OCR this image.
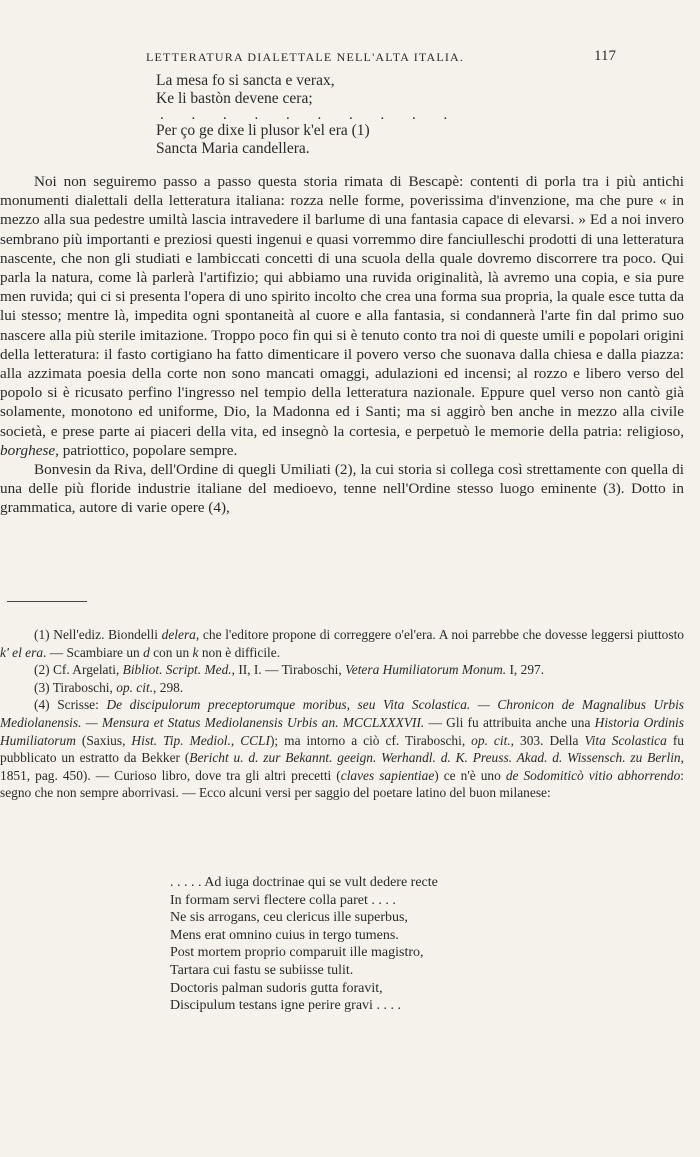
LETTERATURA DIALETTALE NELL'ALTA ITALIA.	117
La mesa fo si sancta e verax,
Ke li bastòn devene cera;
. . . . . . . . . .
Per ço ge dixe li plusor k'el era (1)
Sancta Maria candellera.

Noi non seguiremo passo a passo questa storia rimata di Bescapè: contenti di porla tra i più antichi monumenti dialettali della letteratura italiana: rozza nelle forme, poverissima d'invenzione, ma che pure « in mezzo alla sua pedestre umiltà lascia intravedere il barlume di una fantasia capace di elevarsi. » Ed a noi invero sembrano più importanti e preziosi questi ingenui e quasi vorremmo dire fanciulleschi prodotti di una letteratura nascente, che non gli studiati e lambiccati concetti di una scuola della quale dovremo discorrere tra poco. Qui parla la natura, come là parlerà l'artifizio; qui abbiamo una ruvida originalità, là avremo una copia, e sia pure men ruvida; qui ci si presenta l'opera di uno spirito incolto che crea una forma sua propria, la quale esce tutta da lui stesso; mentre là, impedita ogni spontaneità al cuore e alla fantasia, si condannerà l'arte fin dal primo suo nascere alla più sterile imitazione. Troppo poco fin qui si è tenuto conto tra noi di queste umili e popolari origini della letteratura: il fasto cortigiano ha fatto dimenticare il povero verso che suonava dalla chiesa e dalla piazza: alla azzimata poesia della corte non sono mancati omaggi, adulazioni ed incensi; al rozzo e libero verso del popolo si è ricusato perfino l'ingresso nel tempio della letteratura nazionale. Eppure quel verso non cantò già solamente, monotono ed uniforme, Dio, la Madonna ed i Santi; ma si aggirò ben anche in mezzo alla civile società, e prese parte ai piaceri della vita, ed insegnò la cortesia, e perpetuò le memorie della patria: religioso, borghese, patriottico, popolare sempre.

Bonvesin da Riva, dell'Ordine di quegli Umiliati (2), la cui storia si collega così strettamente con quella di una delle più floride industrie italiane del medioevo, tenne nell'Ordine stesso luogo eminente (3). Dotto in grammatica, autore di varie opere (4),

(1) Nell'ediz. Biondelli delera, che l'editore propone di correggere o'el'era. A noi parrebbe che dovesse leggersi piuttosto k' el era. — Scambiare un d con un k non è difficile.

(2) Cf. Argelati, Bibliot. Script. Med., II, I. — Tiraboschi, Vetera Humiliatorum Monum. I, 297.

(3) Tiraboschi, op. cit., 298.

(4) Scrisse: De discipulorum preceptorumque moribus, seu Vita Scolastica. — Chronicon de Magnalibus Urbis Mediolanensis. — Mensura et Status Mediolanensis Urbis an. MCCLXXXVII. — Gli fu attribuita anche una Historia Ordinis Humiliatorum (Saxius, Hist. Tip. Mediol., CCLI); ma intorno a ciò cf. Tiraboschi, op. cit., 303. Della Vita Scolastica fu pubblicato un estratto da Bekker (Bericht u. d. zur Bekannt. geeign. Werhandl. d. K. Preuss. Akad. d. Wissensch. zu Berlin, 1851, pag. 450). — Curioso libro, dove tra gli altri precetti (claves sapientiae) ce n'è uno de Sodomiticò vitio abhorrendo: segno che non sempre aborrivasi. — Ecco alcuni versi per saggio del poetare latino del buon milanese:

. . . . . Ad iuga doctrinae qui se vult dedere recte
In formam servi flectere colla paret . . . .
Ne sis arrogans, ceu clericus ille superbus,
Mens erat omnino cuius in tergo tumens.
Post mortem proprio comparuit ille magistro,
Tartara cui fastu se subiisse tulit.
Doctoris palman sudoris gutta foravit,
Discipulum testans igne perire gravi . . . .
